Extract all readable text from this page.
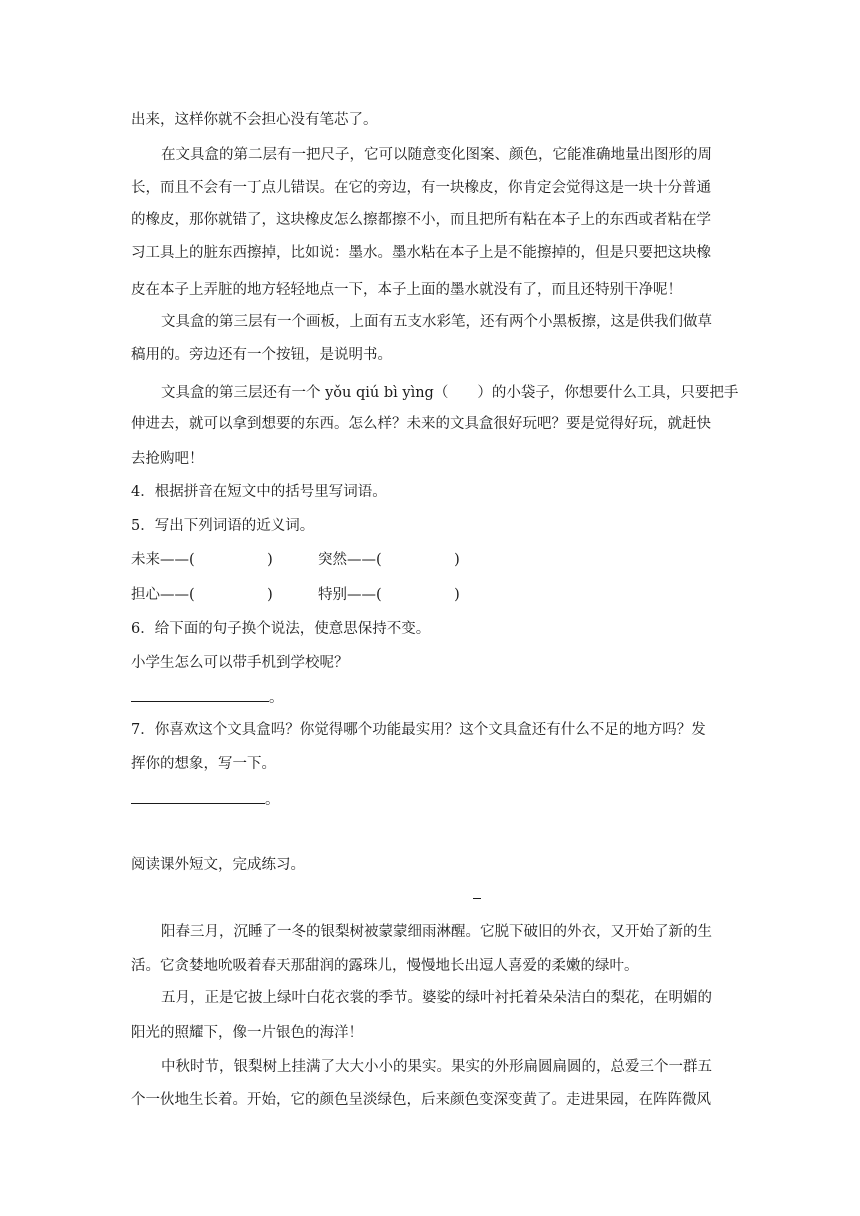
出来，这样你就不会担心没有笔芯了。
在文具盒的第二层有一把尺子，它可以随意变化图案、颜色，它能准确地量出图形的周
长，而且不会有一丁点儿错误。在它的旁边，有一块橡皮，你肯定会觉得这是一块十分普通
的橡皮，那你就错了，这块橡皮怎么擦都擦不小，而且把所有粘在本子上的东西或者粘在学
习工具上的脏东西擦掉，比如说：墨水。墨水粘在本子上是不能擦掉的，但是只要把这块橡
皮在本子上弄脏的地方轻轻地点一下，本子上面的墨水就没有了，而且还特别干净呢！
文具盒的第三层有一个画板，上面有五支水彩笔，还有两个小黑板擦，这是供我们做草
稿用的。旁边还有一个按钮，是说明书。
文具盒的第三层还有一个 yǒu qiú bì yìng（　　）的小袋子，你想要什么工具，只要把手
伸进去，就可以拿到想要的东西。怎么样？未来的文具盒很好玩吧？要是觉得好玩，就赶快
去抢购吧！
4．根据拼音在短文中的括号里写词语。
5．写出下列词语的近义词。
未来——(　　　　　)	突然——(　　　　　)
担心——(　　　　　)	特别——(　　　　　)
6．给下面的句子换个说法，使意思保持不变。
小学生怎么可以带手机到学校呢？
。
7．你喜欢这个文具盒吗？你觉得哪个功能最实用？这个文具盒还有什么不足的地方吗？发
挥你的想象，写一下。
。
阅读课外短文，完成练习。
阳春三月，沉睡了一冬的银梨树被蒙蒙细雨淋醒。它脱下破旧的外衣，又开始了新的生
活。它贪婪地吮吸着春天那甜润的露珠儿，慢慢地长出逗人喜爱的柔嫩的绿叶。
五月，正是它披上绿叶白花衣裳的季节。婆娑的绿叶衬托着朵朵洁白的梨花，在明媚的
阳光的照耀下，像一片银色的海洋！
中秋时节，银梨树上挂满了大大小小的果实。果实的外形扁圆扁圆的，总爱三个一群五
个一伙地生长着。开始，它的颜色呈淡绿色，后来颜色变深变黄了。走进果园，在阵阵微风
